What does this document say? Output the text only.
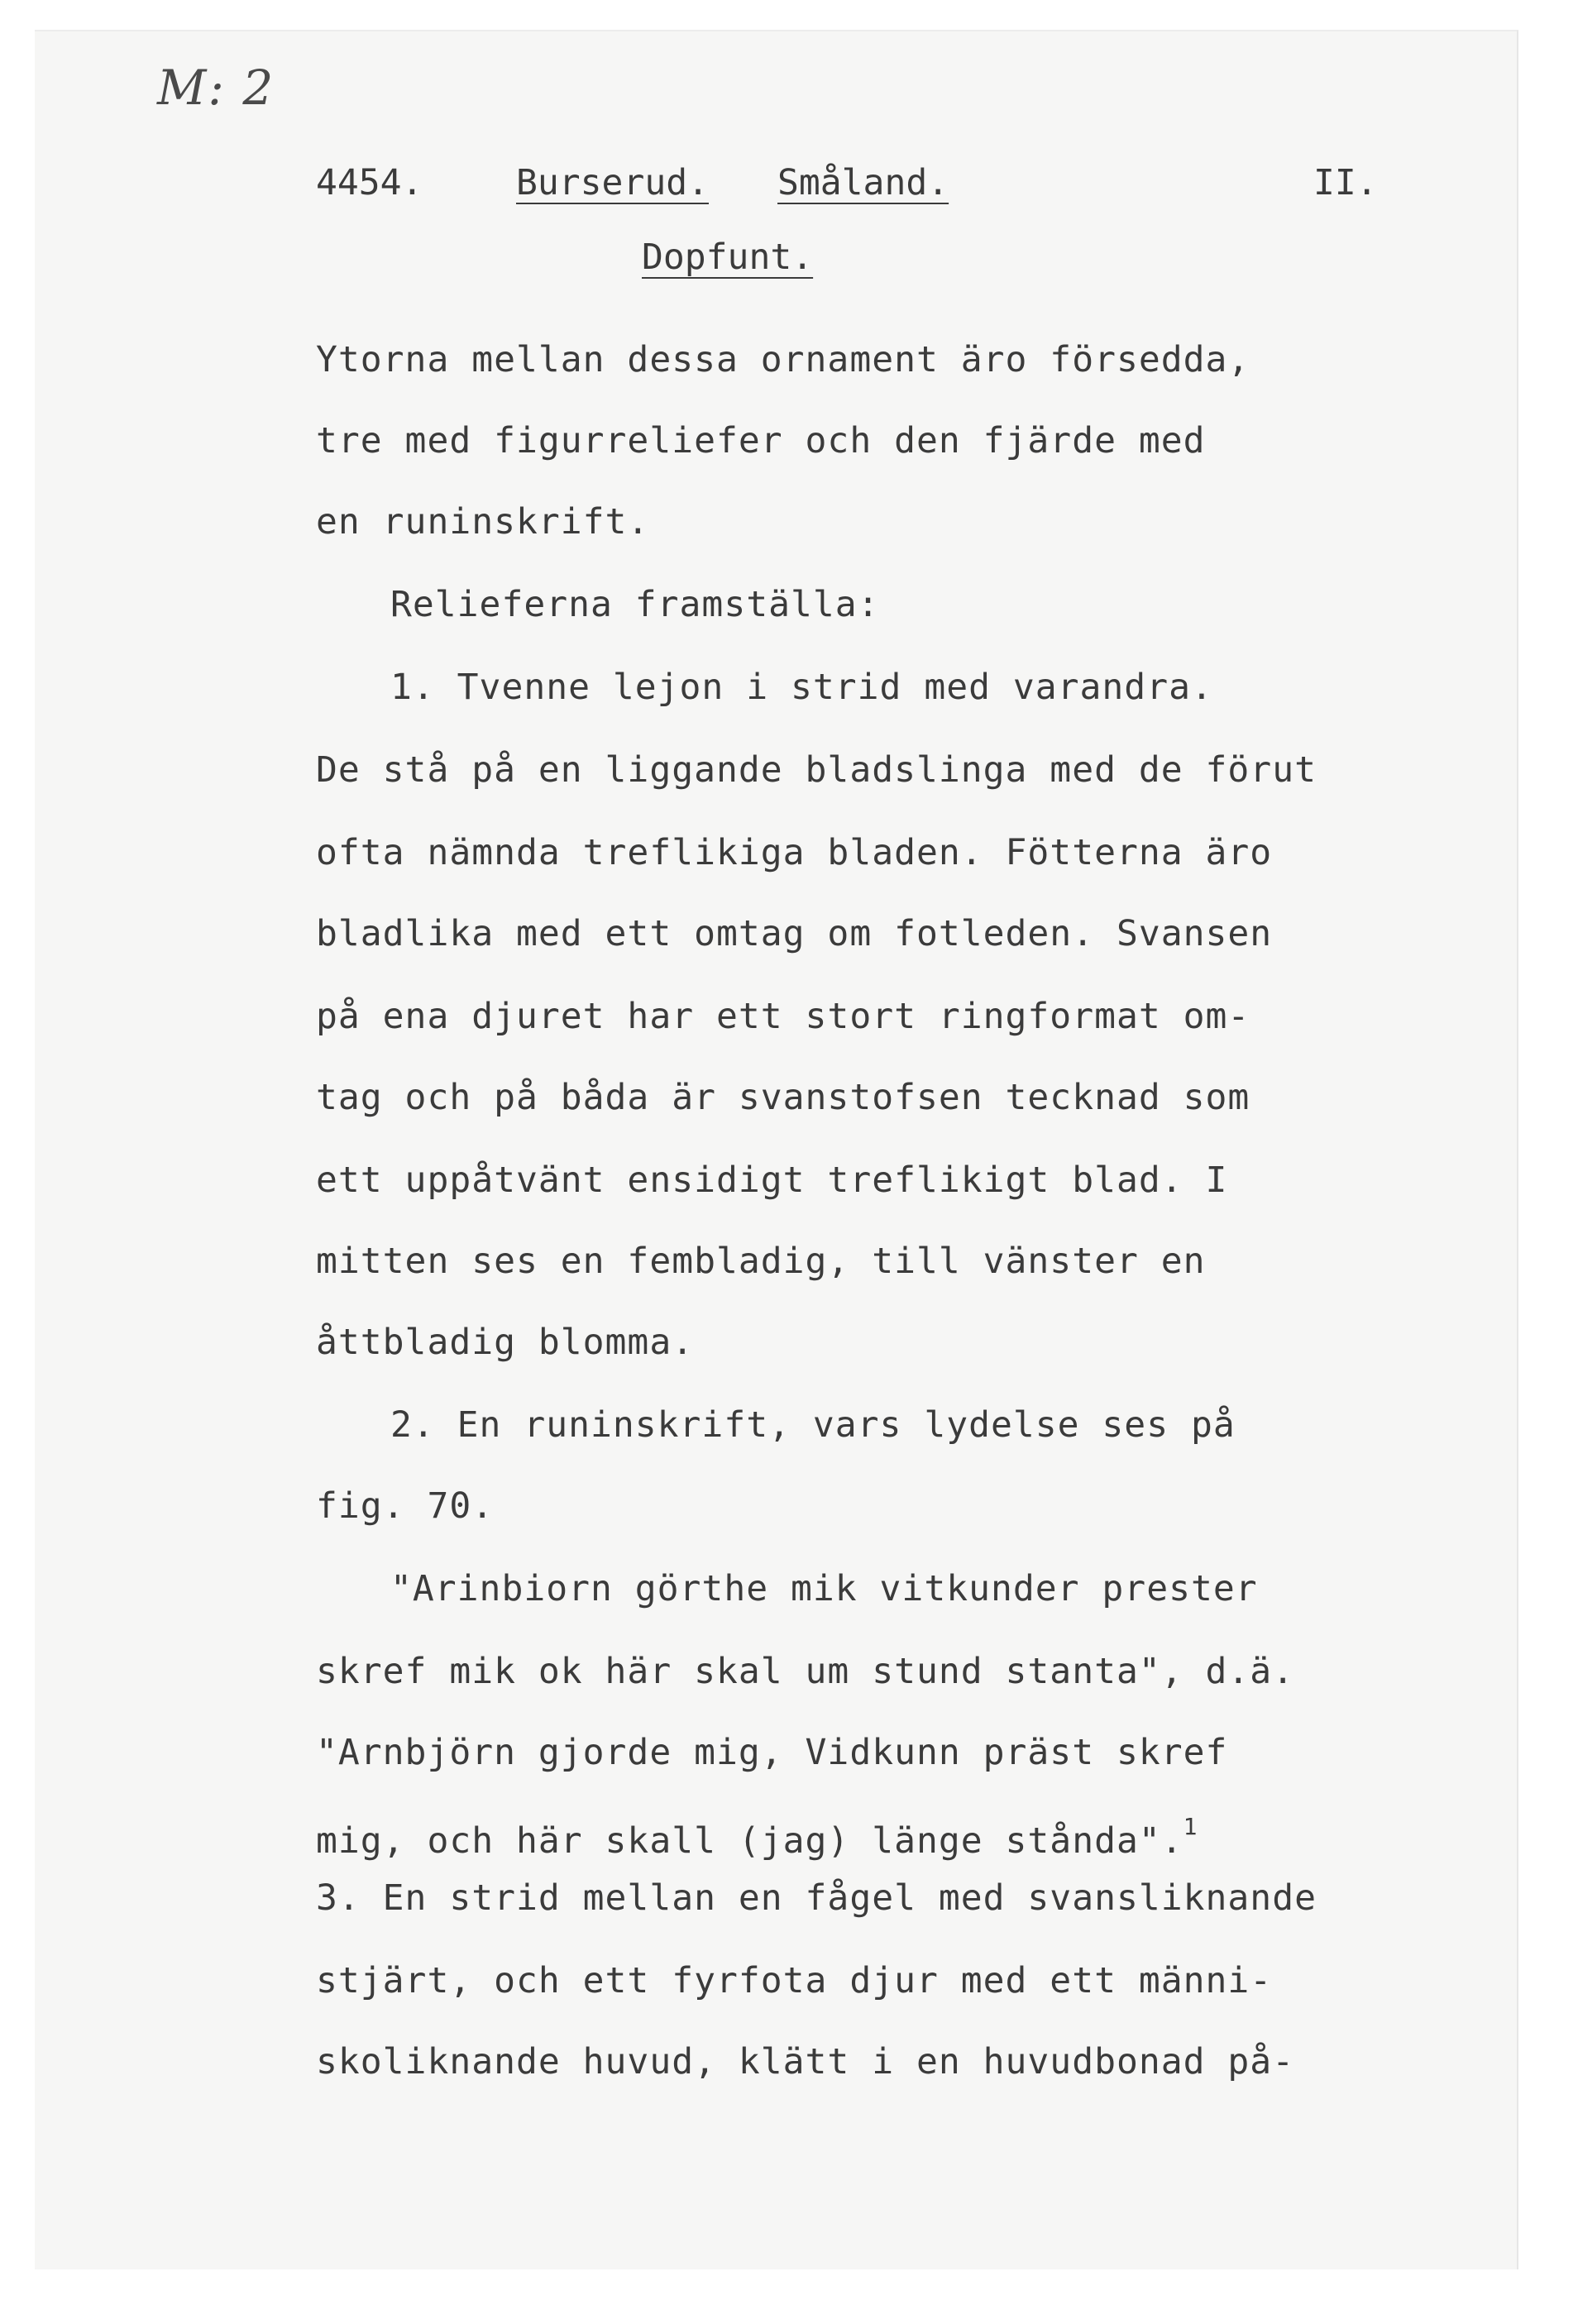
M: 2
4454.	Burserud. Småland.	II.
Dopfunt.
Ytorna mellan dessa ornament äro försedda,
tre med figurreliefer och den fjärde med
en runinskrift.
Reliefernа framställa:
1. Tvenne lejon i strid med varandra.
De stå på en liggande bladslinga med de förut
ofta nämnda treflikiga bladen. Fötterna äro
bladlika med ett omtag om fotleden. Svansen
på ena djuret har ett stort ringformat om-
tag och på båda är svanstofsen tecknad som
ett uppåtvänt ensidigt treflikigt blad. I
mitten ses en fembladig, till vänster en
åttbladig blomma.
2. En runinskrift, vars lydelse ses på
fig. 70.
"Arinbiorn görthe mik vitkunder prester
skref mik ok här skal um stund stanta", d.ä.
"Arnbjörn gjorde mig, Vidkunn präst skref
mig, och här skall (jag) länge stånda".$^1$
3. En strid mellan en fågel med svansliknande
stjärt, och ett fyrfota djur med ett männi-
skoliknande huvud, klätt i en huvudbonad på-
